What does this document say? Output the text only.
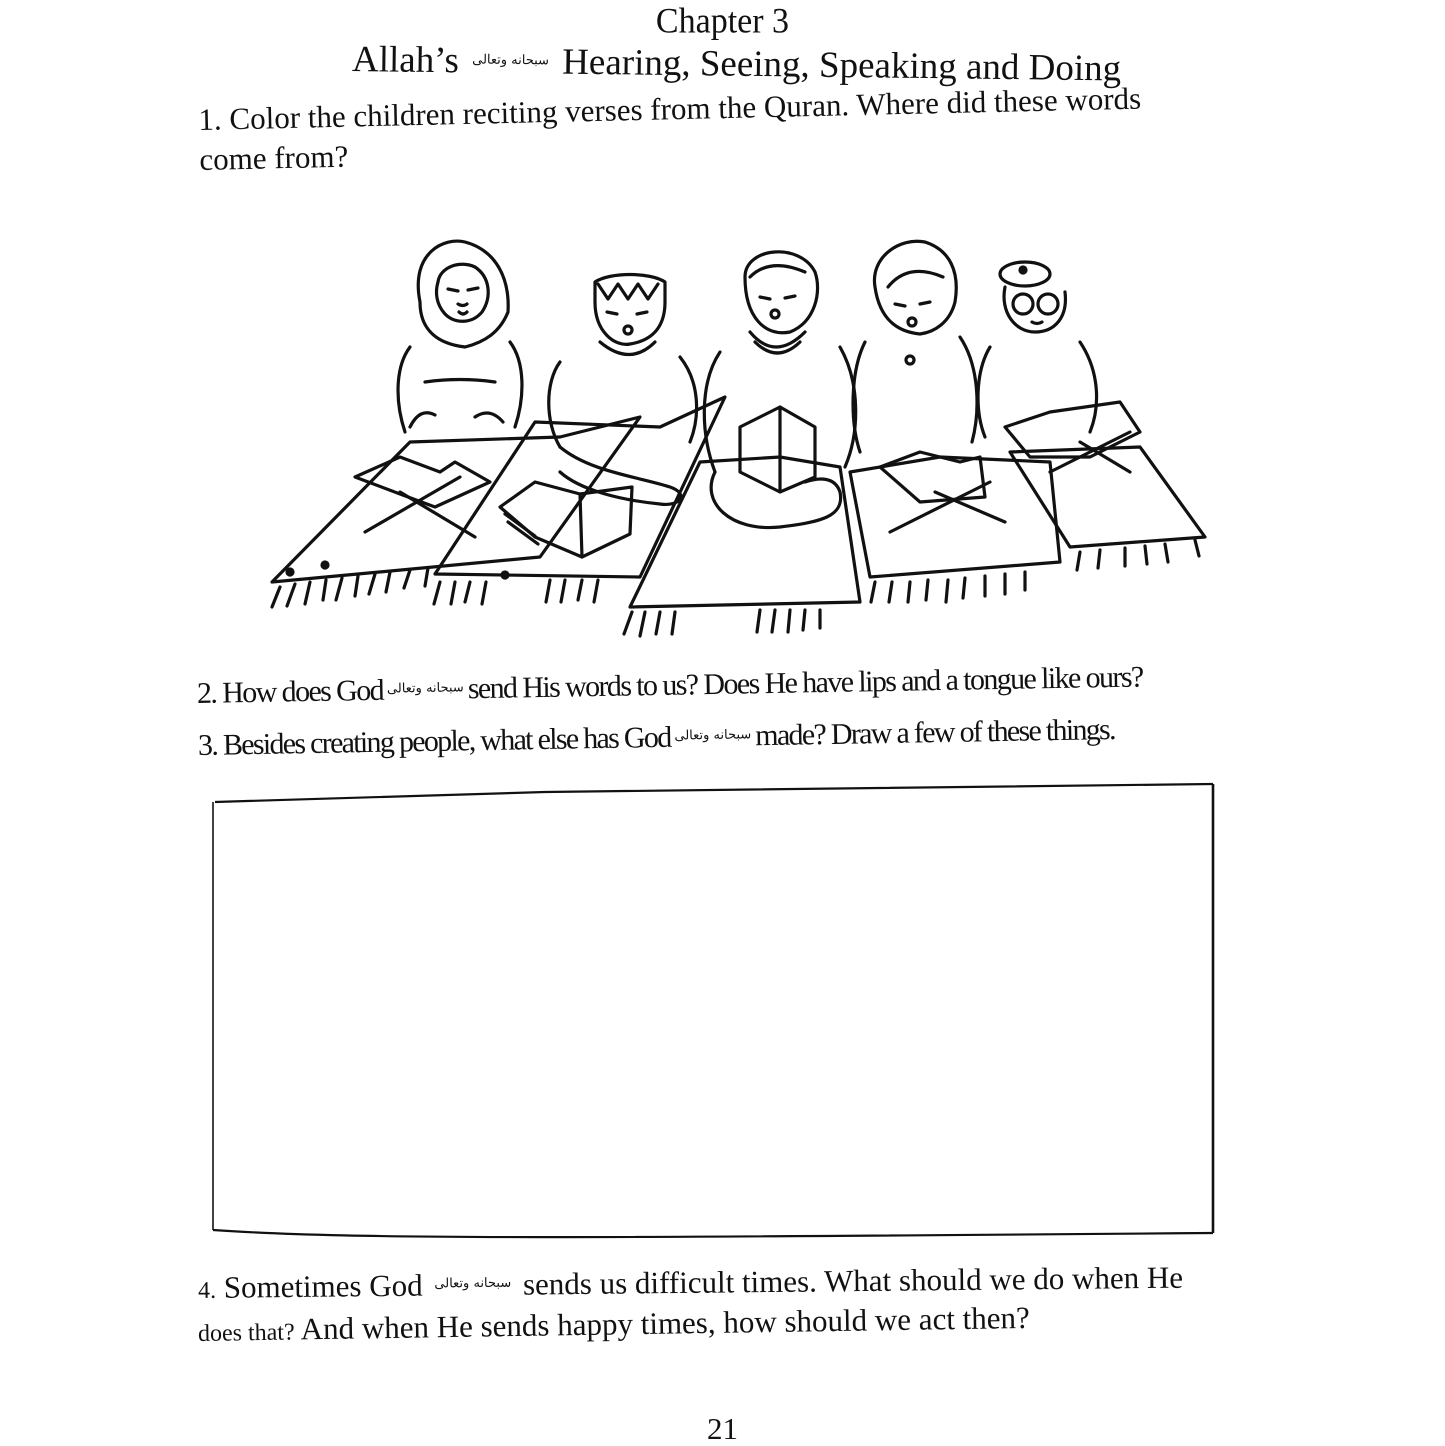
Chapter 3
Allah’s سبحانه وتعالى Hearing, Seeing, Speaking and Doing
1. Color the children reciting verses from the Quran. Where did these words
come from?
2. How does God سبحانه وتعالى send His words to us? Does He have lips and a tongue like ours?
3. Besides creating people, what else has God سبحانه وتعالى made? Draw a few of these things.
4. Sometimes God سبحانه وتعالى sends us difficult times. What should we do when He
does that? And when He sends happy times, how should we act then?
21
